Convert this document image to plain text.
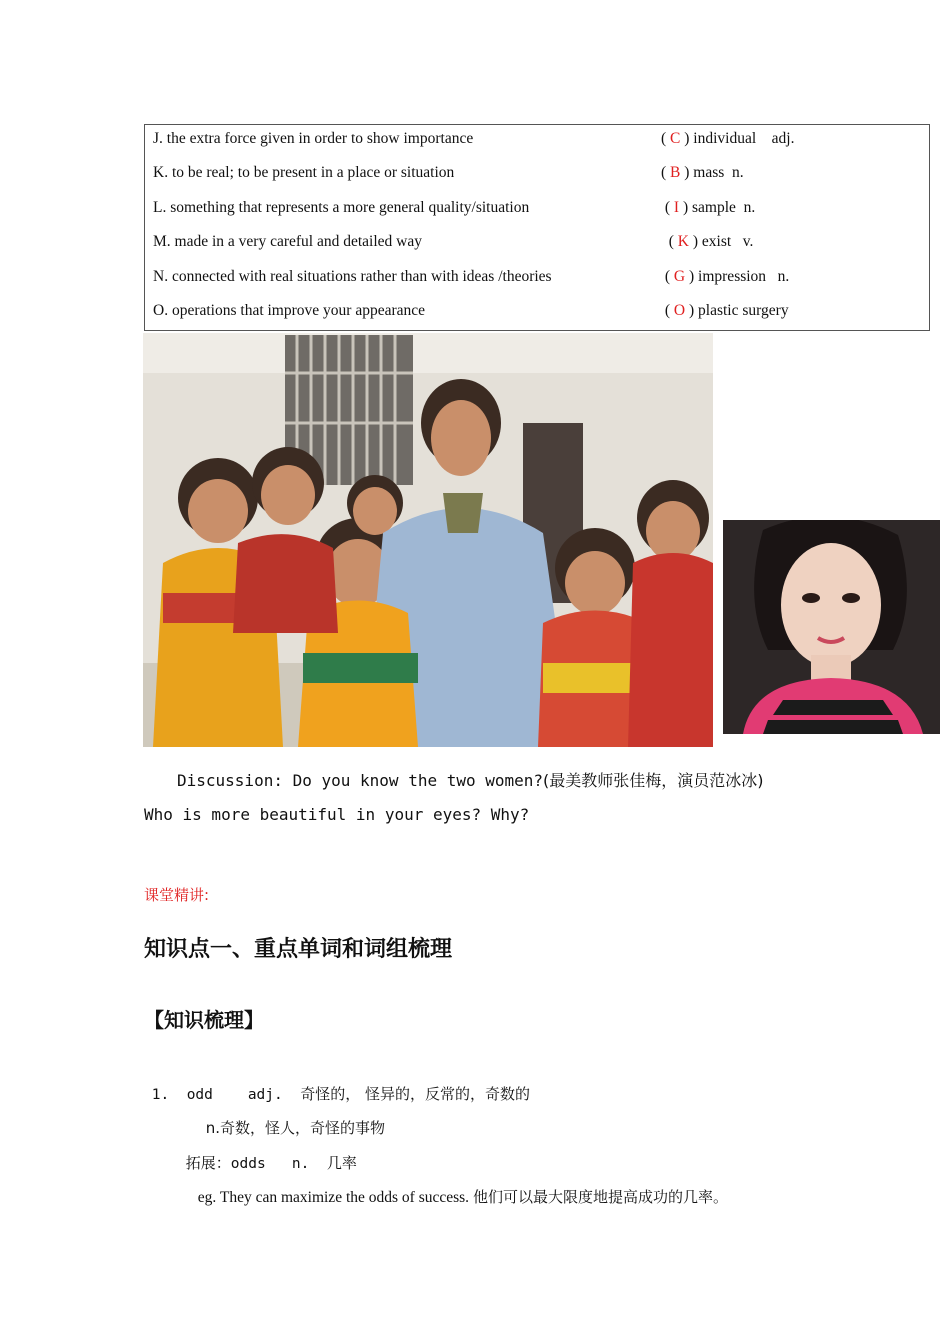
J. the extra force given in order to show importance	( C ) individual    adj.
K. to be real; to be present in a place or situation	( B ) mass  n.
L. something that represents a more general quality/situation	( I ) sample  n.
M. made in a very careful and detailed way	( K ) exist   v.
N. connected with real situations rather than with ideas /theories	( G ) impression   n.
O. operations that improve your appearance	( O ) plastic surgery
Discussion: Do you know the two women?(最美教师张佳梅，演员范冰冰)
Who is more beautiful in your eyes? Why?
课堂精讲:
知识点一、重点单词和词组梳理
【知识梳理】

1. odd adj. 奇怪的， 怪异的，反常的，奇数的

n.奇数，怪人，奇怪的事物

拓展：odds n. 几率

eg. They can maximize the odds of success. 他们可以最大限度地提高成功的几率。
